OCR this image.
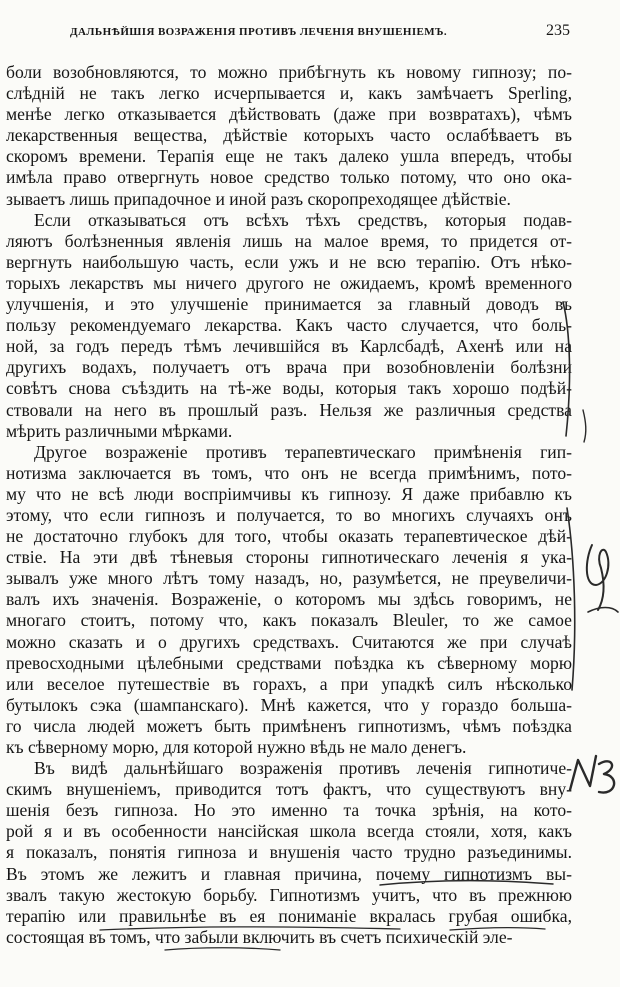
ДАЛЬНѢЙШІЯ ВОЗРАЖЕНІЯ ПРОТИВЪ ЛЕЧЕНІЯ ВНУШЕНІЕМЪ.	235
боли возобновляются, то можно прибѣгнуть къ новому гипнозу; по-
слѣдній не такъ легко исчерпывается и, какъ замѣчаетъ Sperling,
менѣе легко отказывается дѣйствовать (даже при возвратахъ), чѣмъ
лекарственныя вещества, дѣйствіе которыхъ часто ослабѣваетъ въ
скоромъ времени. Терапія еще не такъ далеко ушла впередъ, чтобы
имѣла право отвергнуть новое средство только потому, что оно ока-
зываетъ лишь припадочное и иной разъ скоропреходящее дѣйствіе.
Если отказываться отъ всѣхъ тѣхъ средствъ, которыя подав-
ляютъ болѣзненныя явленія лишь на малое время, то придется от-
вергнуть наибольшую часть, если ужъ и не всю терапію. Отъ нѣко-
торыхъ лекарствъ мы ничего другого не ожидаемъ, кромѣ временного
улучшенія, и это улучшеніе принимается за главный доводъ въ
пользу рекомендуемаго лекарства. Какъ часто случается, что боль-
ной, за годъ передъ тѣмъ лечившійся въ Карлсбадѣ, Ахенѣ или на
другихъ водахъ, получаетъ отъ врача при возобновленіи болѣзни
совѣтъ снова съѣздить на тѣ-же воды, которыя такъ хорошо подѣй-
ствовали на него въ прошлый разъ. Нельзя же различныя средства
мѣрить различными мѣрками.
Другое возраженіе противъ терапевтическаго примѣненія гип-
нотизма заключается въ томъ, что онъ не всегда примѣнимъ, пото-
му что не всѣ люди воспріимчивы къ гипнозу. Я даже прибавлю къ
этому, что если гипнозъ и получается, то во многихъ случаяхъ онъ
не достаточно глубокъ для того, чтобы оказать терапевтическое дѣй-
ствіе. На эти двѣ тѣневыя стороны гипнотическаго леченія я ука-
зывалъ уже много лѣтъ тому назадъ, но, разумѣется, не преувеличи-
валъ ихъ значенія. Возраженіе, о которомъ мы здѣсь говоримъ, не
многаго стоитъ, потому что, какъ показалъ Bleuler, то же самое
можно сказать и о другихъ средствахъ. Считаются же при случаѣ
превосходными цѣлебными средствами поѣздка къ сѣверному морю
или веселое путешествіе въ горахъ, а при упадкѣ силъ нѣсколько
бутылокъ сэка (шампанскаго). Мнѣ кажется, что у гораздо больша-
го числа людей можетъ быть примѣненъ гипнотизмъ, чѣмъ поѣздка
къ сѣверному морю, для которой нужно вѣдь не мало денегъ.
Въ видѣ дальнѣйшаго возраженія противъ леченія гипнотиче-
скимъ внушеніемъ, приводится тотъ фактъ, что существуютъ вну-
шенія безъ гипноза. Но это именно та точка зрѣнія, на кото-
рой я и въ особенности нансійская школа всегда стояли, хотя, какъ
я показалъ, понятія гипноза и внушенія часто трудно разъединимы.
Въ этомъ же лежитъ и главная причина, почему гипнотизмъ вы-
звалъ такую жестокую борьбу. Гипнотизмъ учитъ, что въ прежнюю
терапію или правильнѣе въ ея пониманіе вкралась грубая ошибка,
состоящая въ томъ, что забыли включить въ счетъ психическій эле-
